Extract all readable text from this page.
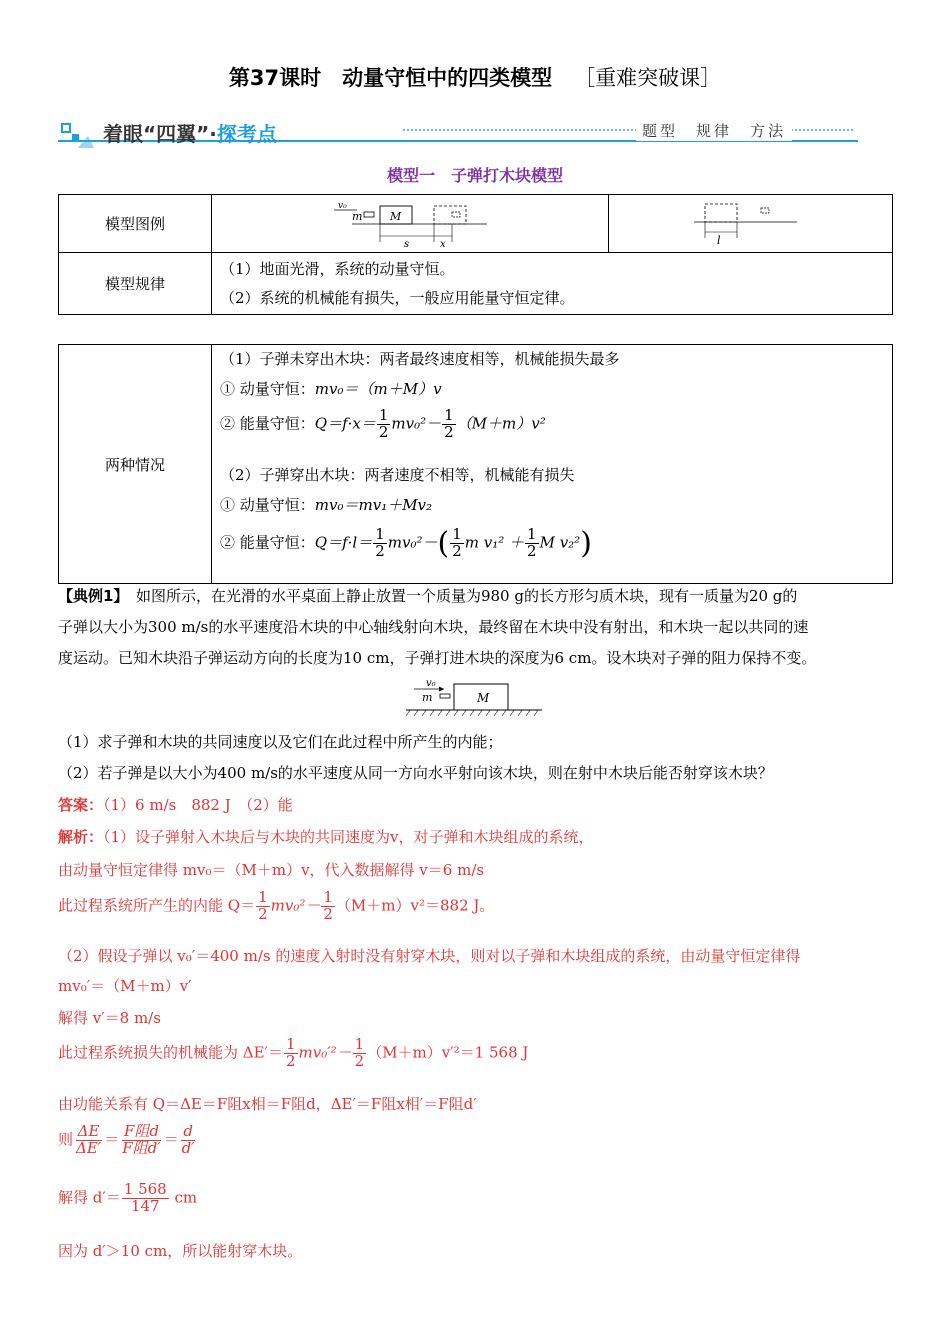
第37课时　动量守恒中的四类模型 ［重难突破课］
着眼“四翼”·探考点	题型　规律　方法
模型一　子弹打木块模型
模型图例	v₀
m M
s x	l

模型规律	（1）地面光滑，系统的动量守恒。
（2）系统的机械能有损失，一般应用能量守恒定律。	
两种情况	
（1）子弹未穿出木块：两者最终速度相等，机械能损失最多
① 动量守恒：mv₀＝（m＋M）v
② 能量守恒：$Q=f\cdot x= \frac{1}{2} mv_0^2- \frac{1}{2} (M+m)v^2$
（2）子弹穿出木块：两者速度不相等，机械能有损失
① 动量守恒：mv₀＝mv₁＋Mv₂
② 能量守恒：$Q=f\cdot l= \frac{1}{2} mv_0^2-( \frac{1}{2}$ m $v_1^2 + \frac{1}{2}$ M v₂²)
【典例1】　如图所示，在光滑的水平桌面上静止放置一个质量为980 g的长方形匀质木块，现有一质量为20 g的
子弹以大小为300 m/s的水平速度沿木块的中心轴线射向木块，最终留在木块中没有射出，和木块一起以共同的速
度运动。已知木块沿子弹运动方向的长度为10 cm，子弹打进木块的深度为6 cm。设木块对子弹的阻力保持不变。
v₀
m	M
（1）求子弹和木块的共同速度以及它们在此过程中所产生的内能；
（2）若子弹是以大小为400 m/s的水平速度从同一方向水平射向该木块，则在射中木块后能否射穿该木块？
答案：（1）6 m/s　882 J　（2）能
解析：（1）设子弹射入木块后与木块的共同速度为v，对子弹和木块组成的系统，
由动量守恒定律得 mv₀＝（M＋m）v，代入数据解得 v＝6 m/s
此过程系统所产生的内能 $Q= \frac{1}{2} mv_0^2- \frac{1}{2} (M+m)v^2=882$ J。
（2）假设子弹以 v₀′＝400 m/s 的速度入射时没有射穿木块，则对以子弹和木块组成的系统，由动量守恒定律得
mv₀′＝（M＋m）v′
解得 v′＝8 m/s
此过程系统损失的机械能为 $\Delta E'= \frac{1}{2} mv_0'^2- \frac{1}{2} (M+m)v'^2=1$ 568 J
由功能关系有 Q＝ΔE＝F阻x相＝F阻d，ΔE′＝F阻x相′＝F阻d′
则 $\frac{\Delta E}{\Delta E'} = \frac{\text{F阻d}}{\text{F阻d′}} = \frac{d}{d'}$
解得 $d'= \frac{1 568}{147}$ cm
因为 d′＞10 cm，所以能射穿木块。
